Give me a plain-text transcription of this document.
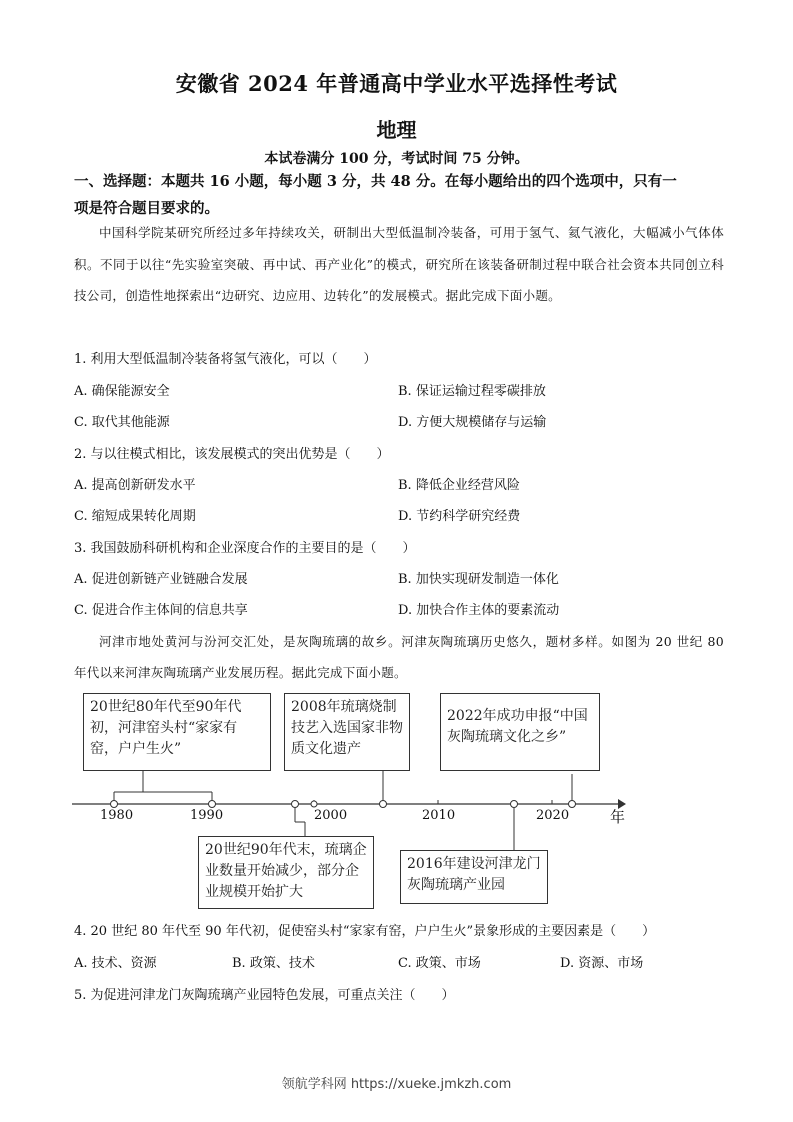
安徽省 2024 年普通高中学业水平选择性考试
地理
本试卷满分 100 分，考试时间 75 分钟。
一、选择题：本题共 16 小题，每小题 3 分，共 48 分。在每小题给出的四个选项中，只有一
项是符合题目要求的。
中国科学院某研究所经过多年持续攻关，研制出大型低温制冷装备，可用于氢气、氦气液化，大幅减小气体体积。不同于以往“先实验室突破、再中试、再产业化”的模式，研究所在该装备研制过程中联合社会资本共同创立科技公司，创造性地探索出“边研究、边应用、边转化”的发展模式。据此完成下面小题。
1. 利用大型低温制冷装备将氢气液化，可以（　　）
A. 确保能源安全	B. 保证运输过程零碳排放
C. 取代其他能源	D. 方便大规模储存与运输
2. 与以往模式相比，该发展模式的突出优势是（　　）
A. 提高创新研发水平	B. 降低企业经营风险
C. 缩短成果转化周期	D. 节约科学研究经费
3. 我国鼓励科研机构和企业深度合作的主要目的是（　　）
A. 促进创新链产业链融合发展	B. 加快实现研发制造一体化
C. 促进合作主体间的信息共享	D. 加快合作主体的要素流动
河津市地处黄河与汾河交汇处，是灰陶琉璃的故乡。河津灰陶琉璃历史悠久，题材多样。如图为 20 世纪 80 年代以来河津灰陶琉璃产业发展历程。据此完成下面小题。
1980	1990	2000	2010	2020	年
20世纪80年代至90年代初，河津窑头村“家家有窑，户户生火”
2008年琉璃烧制技艺入选国家非物质文化遗产
2022年成功申报“中国灰陶琉璃文化之乡”
20世纪90年代末，琉璃企业数量开始减少，部分企业规模开始扩大
2016年建设河津龙门灰陶琉璃产业园
4. 20 世纪 80 年代至 90 年代初，促使窑头村“家家有窑，户户生火”景象形成的主要因素是（　　）
A. 技术、资源	B. 政策、技术	C. 政策、市场	D. 资源、市场
5. 为促进河津龙门灰陶琉璃产业园特色发展，可重点关注（　　）
领航学科网 https://xueke.jmkzh.com
